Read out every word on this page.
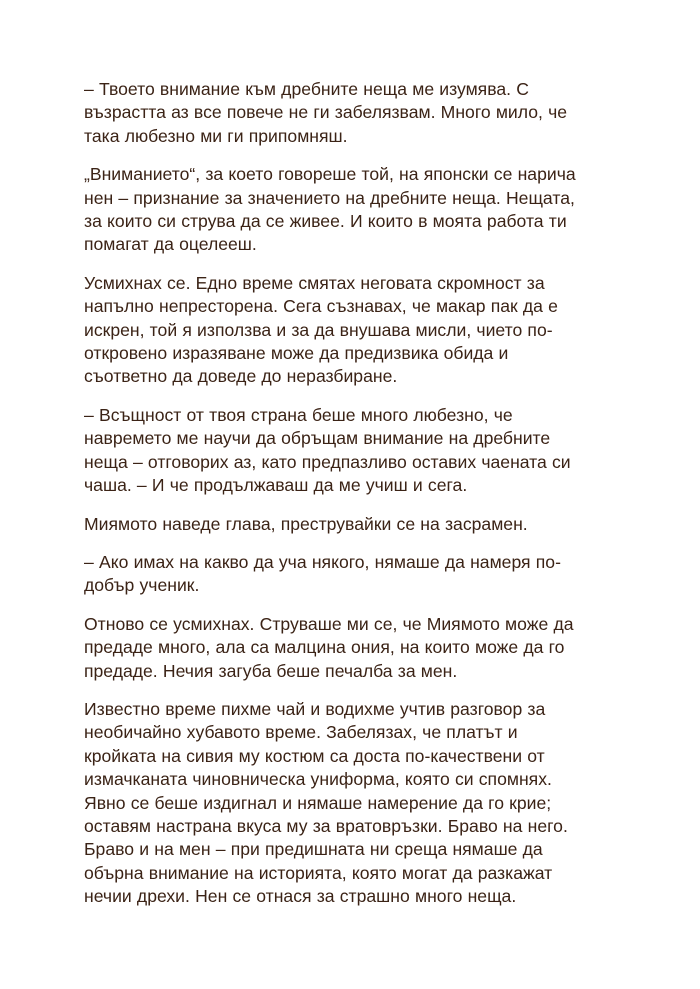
– Твоето внимание към дребните неща ме изумява. С
възрастта аз все повече не ги забелязвам. Много мило, че
така любезно ми ги припомняш.

„Вниманието“, за което говореше той, на японски се нарича
нен – признание за значението на дребните неща. Нещата,
за които си струва да се живее. И които в моята работа ти
помагат да оцелееш.

Усмихнах се. Едно време смятах неговата скромност за
напълно непресторена. Сега съзнавах, че макар пак да е
искрен, той я използва и за да внушава мисли, чието по-
откровено изразяване може да предизвика обида и
съответно да доведе до неразбиране.

– Всъщност от твоя страна беше много любезно, че
навремето ме научи да обръщам внимание на дребните
неща – отговорих аз, като предпазливо оставих чаената си
чаша. – И че продължаваш да ме учиш и сега.

Миямото наведе глава, преструвайки се на засрамен.

– Ако имах на какво да уча някого, нямаше да намеря по-
добър ученик.

Отново се усмихнах. Струваше ми се, че Миямото може да
предаде много, ала са малцина ония, на които може да го
предаде. Нечия загуба беше печалба за мен.

Известно време пихме чай и водихме учтив разговор за
необичайно хубавото време. Забелязах, че платът и
кройката на сивия му костюм са доста по-качествени от
измачканата чиновническа униформа, която си спомнях.
Явно се беше издигнал и нямаше намерение да го крие;
оставям настрана вкуса му за вратовръзки. Браво на него.
Браво и на мен – при предишната ни среща нямаше да
обърна внимание на историята, която могат да разкажат
нечии дрехи. Нен се отнася за страшно много неща.
